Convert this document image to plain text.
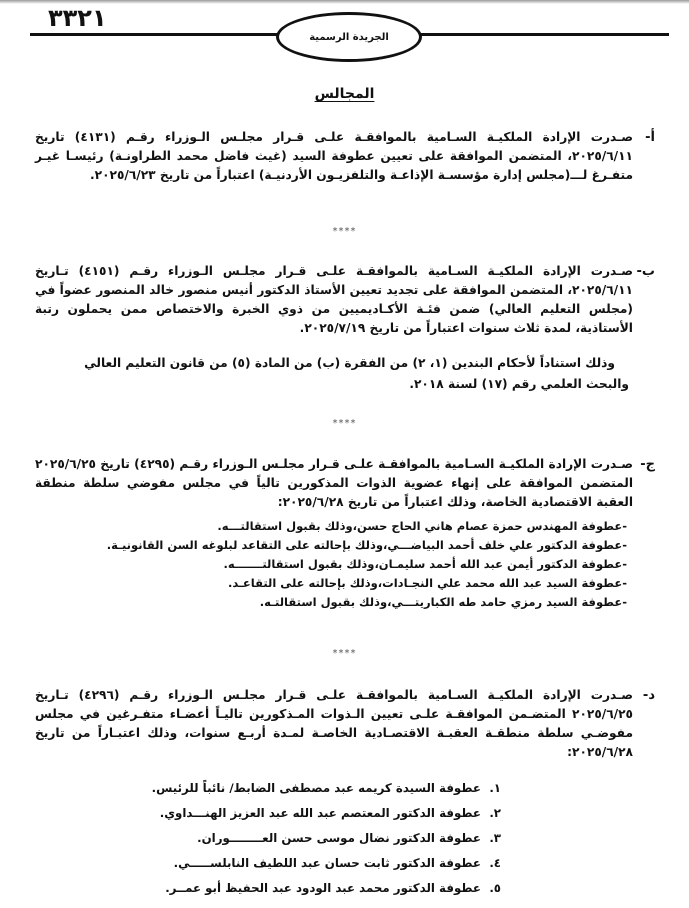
٣٣٢١
الجريدة الرسمية
المجالس
أ-
صـدرت الإرادة الملكيـة السـامية بالموافقـة علـى قـرار مجلـس الـوزراء رقـم (٤١٣١) تاريخ ٢٠٢٥/٦/١١، المتضمن الموافقة على تعيين عطوفة السيد (غيث فاضل محمد الطراونـة) رئيسـا غيـر متفـرغ لـــ(مجلس إدارة مؤسسـة الإذاعـة والتلفزيـون الأردنيـة) اعتباراً من تاريخ ٢٠٢٥/٦/٢٣.
****
ب-
صـدرت الإرادة الملكيـة السـامية بالموافقـة علـى قـرار مجلـس الـوزراء رقـم (٤١٥١) تـاريخ ٢٠٢٥/٦/١١، المتضمن الموافقة على تجديد تعيين الأستاذ الدكتور أنيس منصور خالد المنصور عضواً في (مجلس التعليم العالي) ضمن فئـة الأكـاديميين من ذوي الخبرة والاختصاص ممن يحملون رتبة الأستاذية، لمدة ثلاث سنوات اعتباراً من تاريخ ٢٠٢٥/٧/١٩.
وذلك استناداً لأحكام البندين (١، ٢) من الفقرة (ب) من المادة (٥) من قانون التعليم العالي والبحث العلمي رقم (١٧) لسنة ٢٠١٨.
****
ج-
صـدرت الإرادة الملكيـة السـامية بالموافقـة علـى قـرار مجلـس الـوزراء رقـم (٤٢٩٥) تاريخ ٢٠٢٥/٦/٢٥ المتضمن الموافقة على إنهاء عضوية الذوات المذكورين تالياً في مجلس مفوضي سلطة منطقة العقبة الاقتصادية الخاصة، وذلك اعتباراً من تاريخ ٢٠٢٥/٦/٢٨:
-عطوفة المهندس حمزة عصام هاني الحاج حسن،وذلك بقبول استقالتـــه.
-عطوفة الدكتور علي خلف أحمد البياضـــي،وذلك بإحالته على التقاعد لبلوغه السن القانونيـة.
-عطوفة الدكتور أيمن عبد الله أحمد سليمـان،وذلك بقبول استقالتـــــــه.
-عطوفة السيد عبد الله محمد علي النجـادات،وذلك بإحالته على التقاعـد.
-عطوفة السيد رمزي حامد طه الكباريتـــي،وذلك بقبول استقالتـه.
****
د-
صـدرت الإرادة الملكيـة السـامية بالموافقـة علـى قـرار مجلـس الـوزراء رقـم (٤٢٩٦) تـاريخ ٢٠٢٥/٦/٢٥ المتضـمن الموافقـة علـى تعيين الـذوات المـذكورين تاليـاً أعضـاء متفـرغين في مجلس مفوضـي سلطة منطقـة العقبـة الاقتصـادية الخاصـة لمـدة أربـع سنوات، وذلك اعتبـاراً من تاريخ ٢٠٢٥/٦/٢٨:
١. عطوفة السيدة كريمه عبد مصطفى الضابط/ نائباً للرئيس.
٢. عطوفة الدكتور المعتصم عبد الله عبد العزيز الهنـــداوي.
٣. عطوفة الدكتور نضال موسى حسن العــــــــوران.
٤. عطوفة الدكتور ثابت حسان عبد اللطيف النابلســـــي.
٥. عطوفة الدكتور محمد عبد الودود عبد الحفيظ أبو عمــر.
